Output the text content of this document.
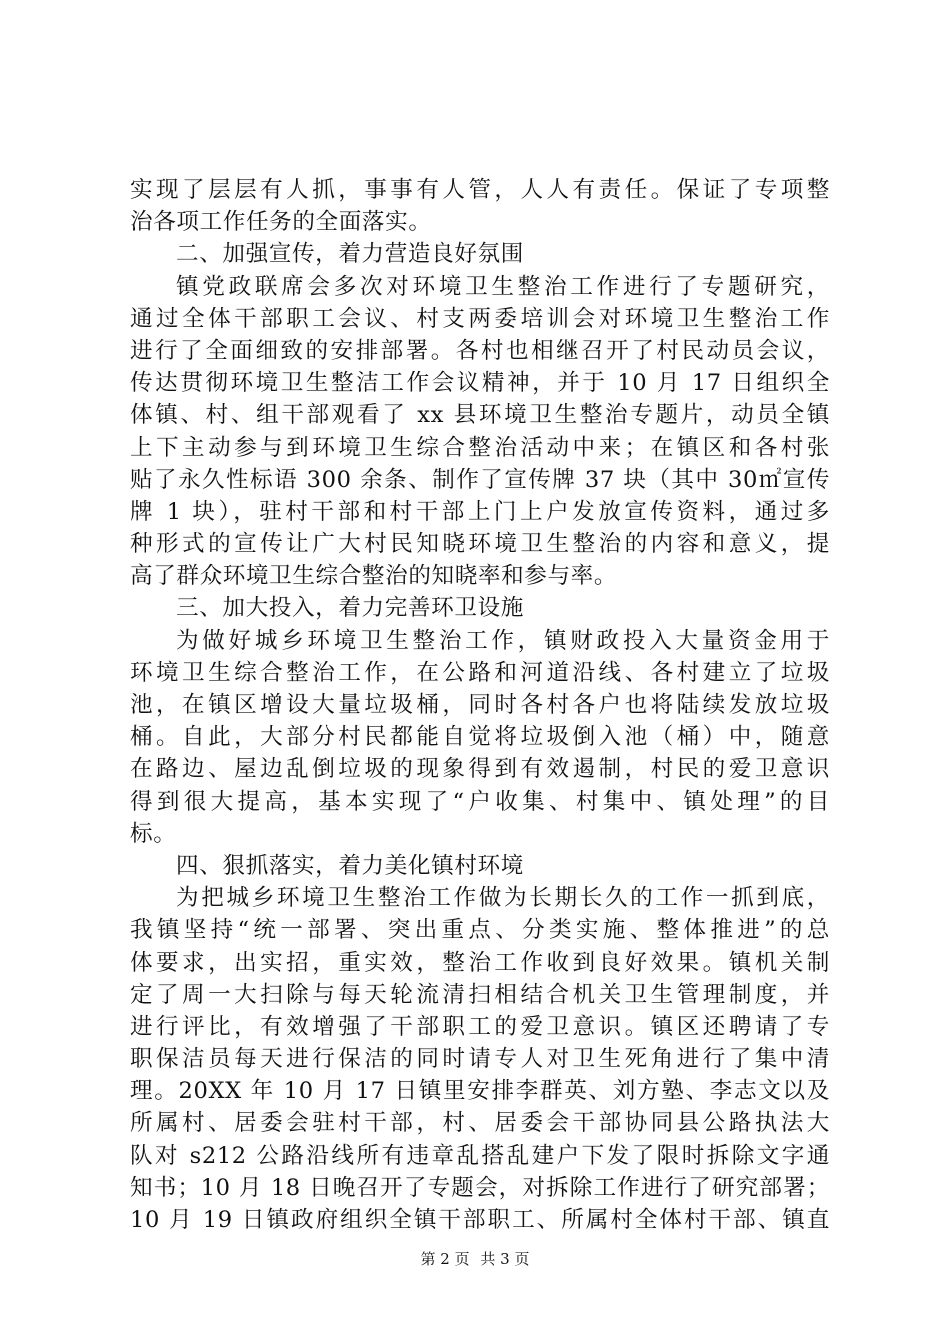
实现了层层有人抓，事事有人管，人人有责任。保证了专项整
治各项工作任务的全面落实。
二、加强宣传，着力营造良好氛围
镇党政联席会多次对环境卫生整治工作进行了专题研究，
通过全体干部职工会议、村支两委培训会对环境卫生整治工作
进行了全面细致的安排部署。各村也相继召开了村民动员会议，
传达贯彻环境卫生整洁工作会议精神，并于 10 月 17 日组织全
体镇、村、组干部观看了 xx 县环境卫生整治专题片，动员全镇
上下主动参与到环境卫生综合整治活动中来；在镇区和各村张
贴了永久性标语 300 余条、制作了宣传牌 37 块（其中 30㎡宣传
牌 1 块），驻村干部和村干部上门上户发放宣传资料，通过多
种形式的宣传让广大村民知晓环境卫生整治的内容和意义，提
高了群众环境卫生综合整治的知晓率和参与率。
三、加大投入，着力完善环卫设施
为做好城乡环境卫生整治工作，镇财政投入大量资金用于
环境卫生综合整治工作，在公路和河道沿线、各村建立了垃圾
池，在镇区增设大量垃圾桶，同时各村各户也将陆续发放垃圾
桶。自此，大部分村民都能自觉将垃圾倒入池（桶）中，随意
在路边、屋边乱倒垃圾的现象得到有效遏制，村民的爱卫意识
得到很大提高，基本实现了“户收集、村集中、镇处理”的目
标。
四、狠抓落实，着力美化镇村环境
为把城乡环境卫生整治工作做为长期长久的工作一抓到底，
我镇坚持“统一部署、突出重点、分类实施、整体推进”的总
体要求，出实招，重实效，整治工作收到良好效果。镇机关制
定了周一大扫除与每天轮流清扫相结合机关卫生管理制度，并
进行评比，有效增强了干部职工的爱卫意识。镇区还聘请了专
职保洁员每天进行保洁的同时请专人对卫生死角进行了集中清
理。20XX 年 10 月 17 日镇里安排李群英、刘方塾、李志文以及
所属村、居委会驻村干部，村、居委会干部协同县公路执法大
队对 s212 公路沿线所有违章乱搭乱建户下发了限时拆除文字通
知书；10 月 18 日晚召开了专题会，对拆除工作进行了研究部署；
10 月 19 日镇政府组织全镇干部职工、所属村全体村干部、镇直
第 2 页 共 3 页
